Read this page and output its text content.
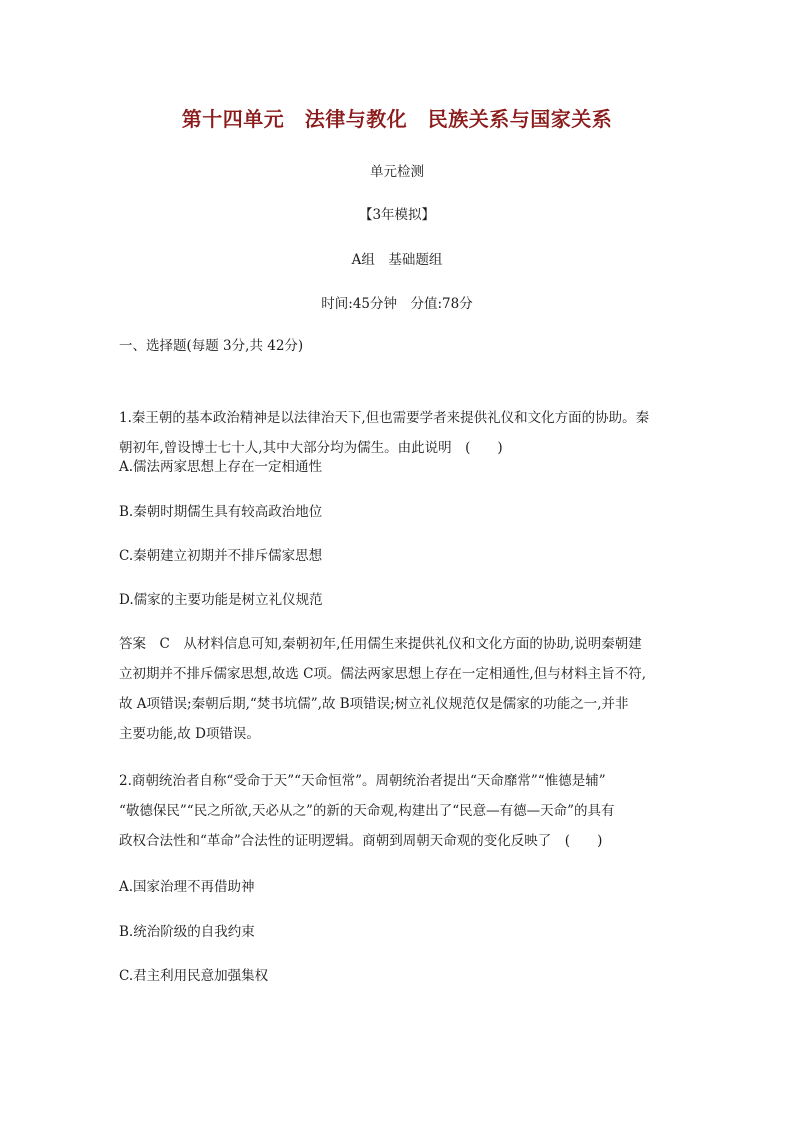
第十四单元　法律与教化　民族关系与国家关系
单元检测
【3年模拟】
A组　基础题组
时间:45分钟　分值:78分
一、选择题(每题 3分,共 42分)
1.秦王朝的基本政治精神是以法律治天下,但也需要学者来提供礼仪和文化方面的协助。秦
朝初年,曾设博士七十人,其中大部分均为儒生。由此说明　(　　)
A.儒法两家思想上存在一定相通性
B.秦朝时期儒生具有较高政治地位
C.秦朝建立初期并不排斥儒家思想
D.儒家的主要功能是树立礼仪规范
答案　C　从材料信息可知,秦朝初年,任用儒生来提供礼仪和文化方面的协助,说明秦朝建
立初期并不排斥儒家思想,故选 C项。儒法两家思想上存在一定相通性,但与材料主旨不符,
故 A项错误;秦朝后期,“焚书坑儒”,故 B项错误;树立礼仪规范仅是儒家的功能之一,并非
主要功能,故 D项错误。
2.商朝统治者自称“受命于天”“天命恒常”。周朝统治者提出“天命靡常”“惟德是辅”
“敬德保民”“民之所欲,天必从之”的新的天命观,构建出了“民意—有德—天命”的具有
政权合法性和“革命”合法性的证明逻辑。商朝到周朝天命观的变化反映了　(　　)
A.国家治理不再借助神
B.统治阶级的自我约束
C.君主利用民意加强集权
